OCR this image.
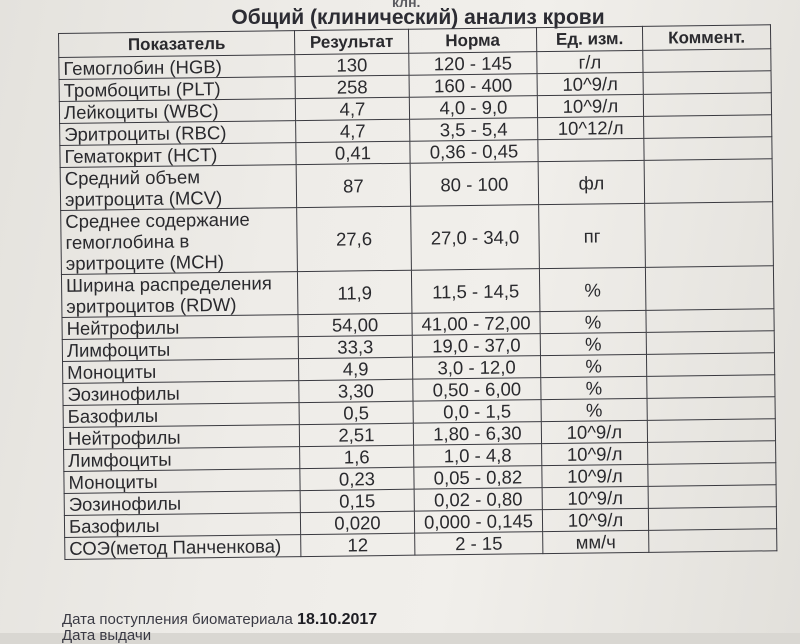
клн.
Общий (клинический) анализ крови
Показатель	Результат	Норма	Ед. изм.	Коммент.
Гемоглобин (HGB)	130	120 - 145	г/л	
Тромбоциты (PLT)	258	160 - 400	10^9/л	
Лейкоциты (WBC)	4,7	4,0 - 9,0	10^9/л	
Эритроциты (RBC)	4,7	3,5 - 5,4	10^12/л	
Гематокрит (HCT)	0,41	0,36 - 0,45		
Средний объем эритроцита (MCV)	87	80 - 100	фл	
Среднее содержание гемоглобина в эритроците (MCH)	27,6	27,0 - 34,0	пг	
Ширина распределения эритроцитов (RDW)	11,9	11,5 - 14,5	%	
Нейтрофилы	54,00	41,00 - 72,00	%	
Лимфоциты	33,3	19,0 - 37,0	%	
Моноциты	4,9	3,0 - 12,0	%	
Эозинофилы	3,30	0,50 - 6,00	%	
Базофилы	0,5	0,0 - 1,5	%	
Нейтрофилы	2,51	1,80 - 6,30	10^9/л	
Лимфоциты	1,6	1,0 - 4,8	10^9/л	
Моноциты	0,23	0,05 - 0,82	10^9/л	
Эозинофилы	0,15	0,02 - 0,80	10^9/л	
Базофилы	0,020	0,000 - 0,145	10^9/л	
СОЭ(метод Панченкова)	12	2 - 15	мм/ч	
Дата поступления биоматериала 18.10.2017
Дата выдачи
